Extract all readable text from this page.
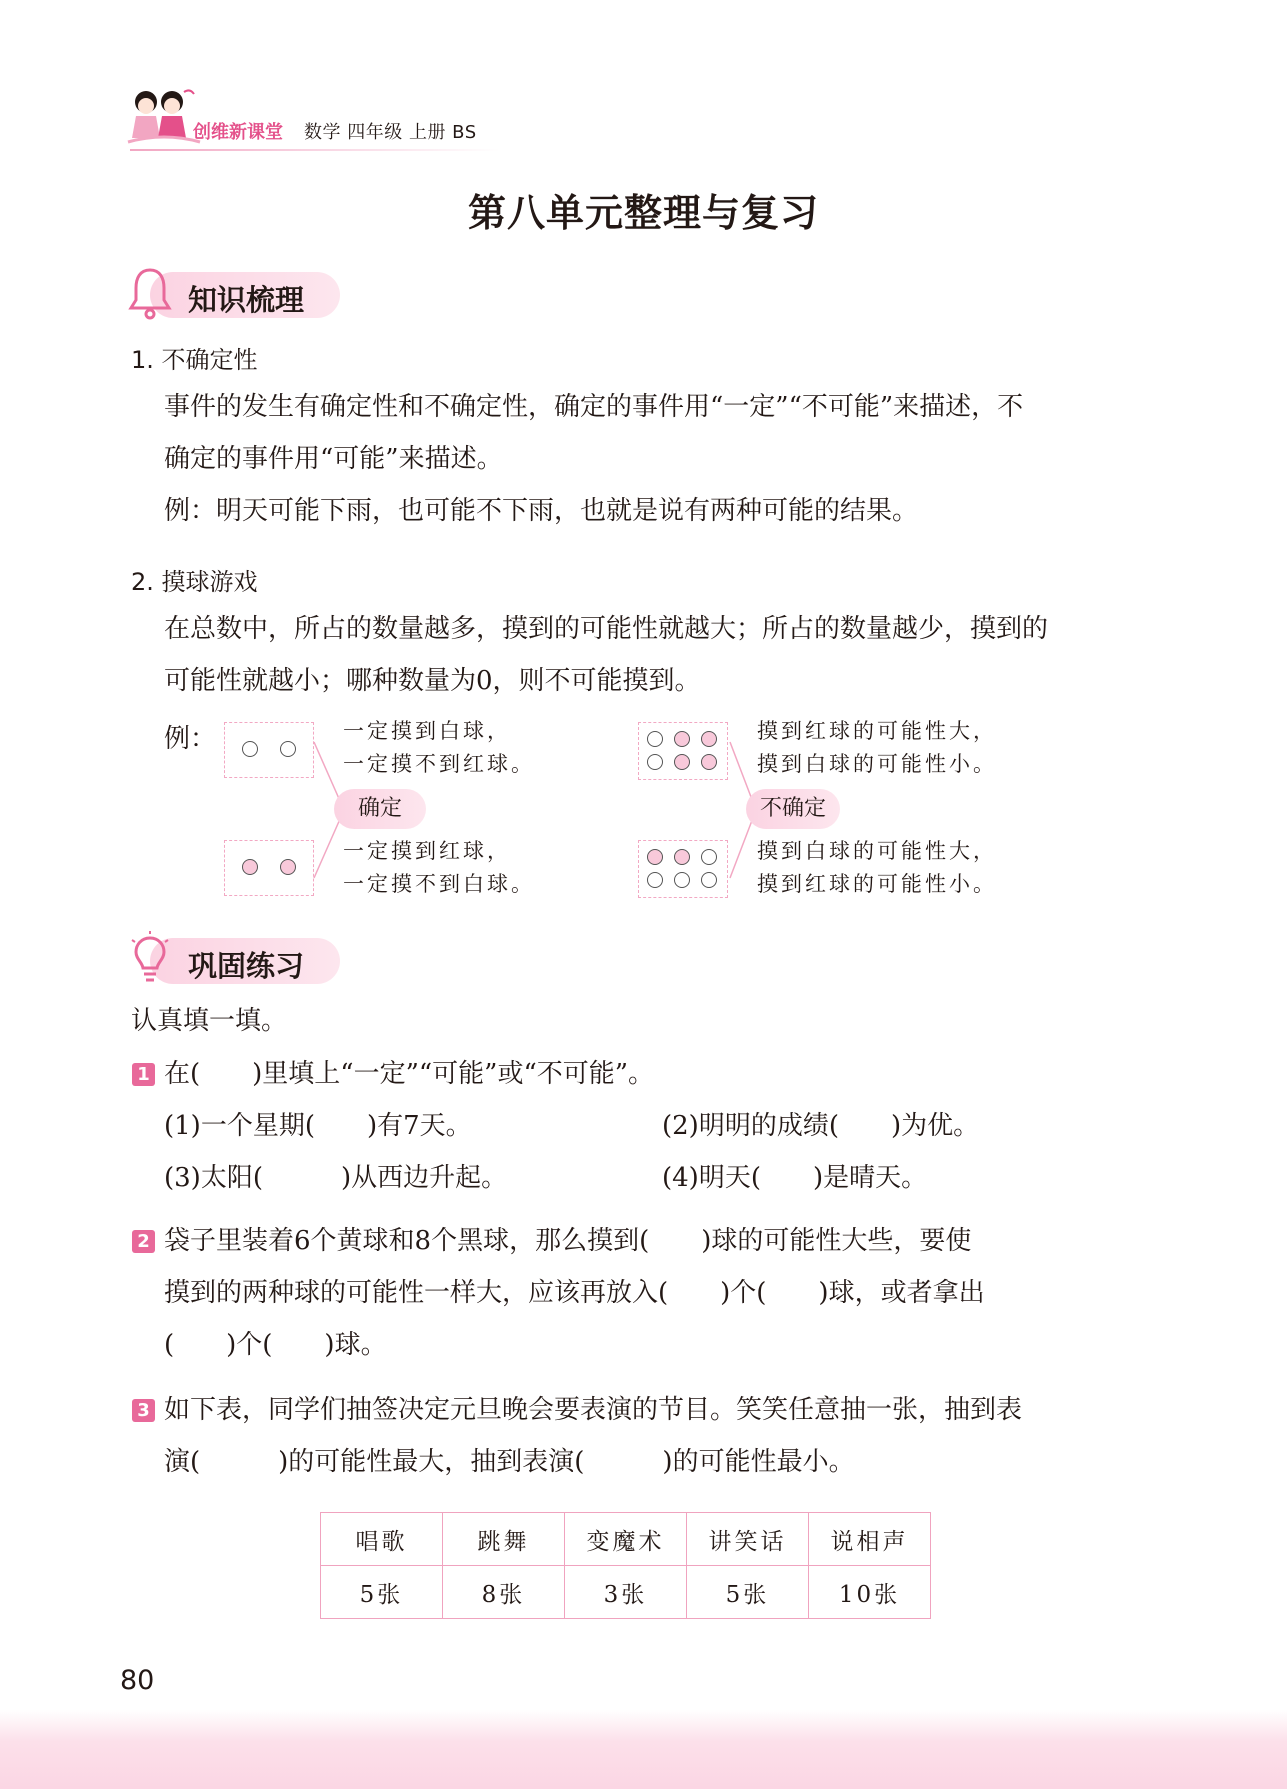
创维新课堂 数学 四年级 上册 BS
第八单元整理与复习
知识梳理
1. 不确定性
事件的发生有确定性和不确定性，确定的事件用“一定”“不可能”来描述，不
确定的事件用“可能”来描述。
例：明天可能下雨，也可能不下雨，也就是说有两种可能的结果。
2. 摸球游戏
在总数中，所占的数量越多，摸到的可能性就越大；所占的数量越少，摸到的
可能性就越小；哪种数量为0，则不可能摸到。
例：
确定
一定摸到白球，
一定摸不到红球。
一定摸到红球，
一定摸不到白球。
不确定
摸到红球的可能性大，
摸到白球的可能性小。
摸到白球的可能性大，
摸到红球的可能性小。
巩固练习
认真填一填。
1 在(　　)里填上“一定”“可能”或“不可能”。
(1)一个星期(　　)有7天。	(2)明明的成绩(　　)为优。
(3)太阳(　　　)从西边升起。	(4)明天(　　)是晴天。
2 袋子里装着6个黄球和8个黑球，那么摸到(　　)球的可能性大些，要使
摸到的两种球的可能性一样大，应该再放入(　　)个(　　)球，或者拿出
(　　)个(　　)球。
3 如下表，同学们抽签决定元旦晚会要表演的节目。笑笑任意抽一张，抽到表
演(　　　)的可能性最大，抽到表演(　　　)的可能性最小。
唱歌	跳舞	变魔术	讲笑话	说相声
5张	8张	3张	5张	10张
80
